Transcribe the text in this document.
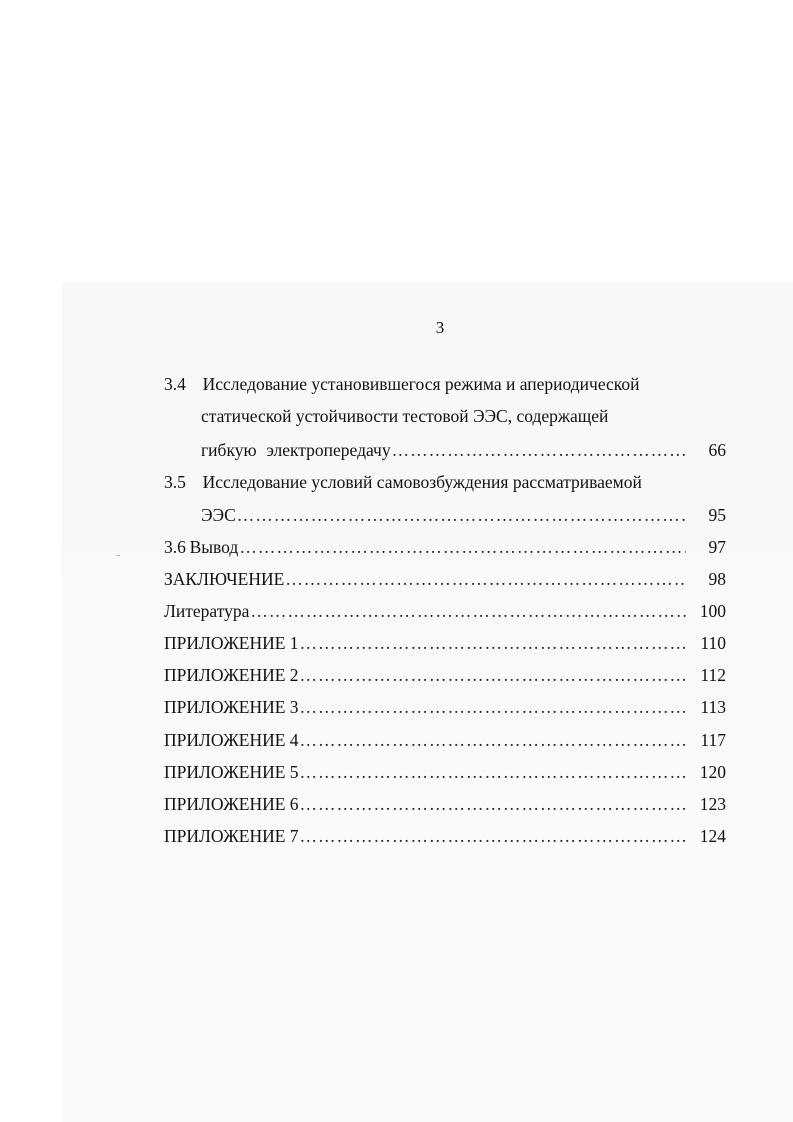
3
3.4 Исследование установившегося режима и апериодической
статической устойчивости тестовой ЭЭС, содержащей
гибкую электропередачу …………………………………………………………………………………………………………………………………………	66
3.5 Исследование условий самовозбуждения рассматриваемой
ЭЭС …………………………………………………………………………………………………………………………………………	95
3.6 Вывод …………………………………………………………………………………………………………………………………………	97
ЗАКЛЮЧЕНИЕ …………………………………………………………………………………………………………………………………………	98
Литература …………………………………………………………………………………………………………………………………………	100
ПРИЛОЖЕНИЕ 1 …………………………………………………………………………………………………………………………………………	110
ПРИЛОЖЕНИЕ 2 …………………………………………………………………………………………………………………………………………	112
ПРИЛОЖЕНИЕ 3 …………………………………………………………………………………………………………………………………………	113
ПРИЛОЖЕНИЕ 4 …………………………………………………………………………………………………………………………………………	117
ПРИЛОЖЕНИЕ 5 …………………………………………………………………………………………………………………………………………	120
ПРИЛОЖЕНИЕ 6 …………………………………………………………………………………………………………………………………………	123
ПРИЛОЖЕНИЕ 7 …………………………………………………………………………………………………………………………………………	124
